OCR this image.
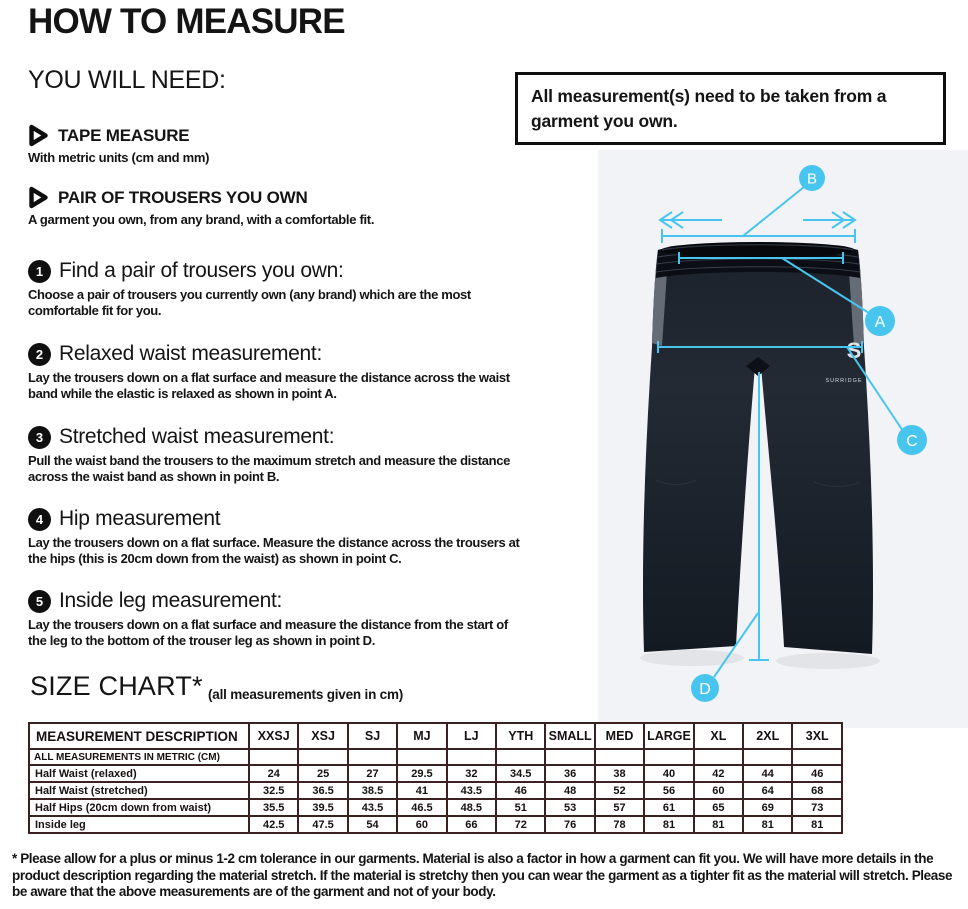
HOW TO MEASURE
YOU WILL NEED:
TAPE MEASURE
With metric units (cm and mm)
PAIR OF TROUSERS YOU OWN
A garment you own, from any brand, with a comfortable fit.
1 Find a pair of trousers you own:
Choose a pair of trousers you currently own (any brand) which are the most comfortable fit for you.
2 Relaxed waist measurement:
Lay the trousers down on a flat surface and measure the distance across the waist band while the elastic is relaxed as shown in point A.
3 Stretched waist measurement:
Pull the waist band the trousers to the maximum stretch and measure the distance across the waist band as shown in point B.
4 Hip measurement
Lay the trousers down on a flat surface. Measure the distance across the trousers at the hips (this is 20cm down from the waist) as shown in point C.
5 Inside leg measurement:
Lay the trousers down on a flat surface and measure the distance from the start of the leg to the bottom of the trouser leg as shown in point D.
All measurement(s) need to be taken from a garment you own.
S
SURRIDGE
B
A
C
D
SIZE CHART* (all measurements given in cm)
MEASUREMENT DESCRIPTION	XXSJ	XSJ	SJ	MJ	LJ	YTH	SMALL	MED	LARGE	XL	2XL	3XL
ALL MEASUREMENTS IN METRIC (CM)												
Half Waist (relaxed)	24	25	27	29.5	32	34.5	36	38	40	42	44	46
Half Waist (stretched)	32.5	36.5	38.5	41	43.5	46	48	52	56	60	64	68
Half Hips (20cm down from waist)	35.5	39.5	43.5	46.5	48.5	51	53	57	61	65	69	73
Inside leg	42.5	47.5	54	60	66	72	76	78	81	81	81	81
* Please allow for a plus or minus 1-2 cm tolerance in our garments. Material is also a factor in how a garment can fit you. We will have more details in the product description regarding the material stretch. If the material is stretchy then you can wear the garment as a tighter fit as the material will stretch. Please be aware that the above measurements are of the garment and not of your body.
